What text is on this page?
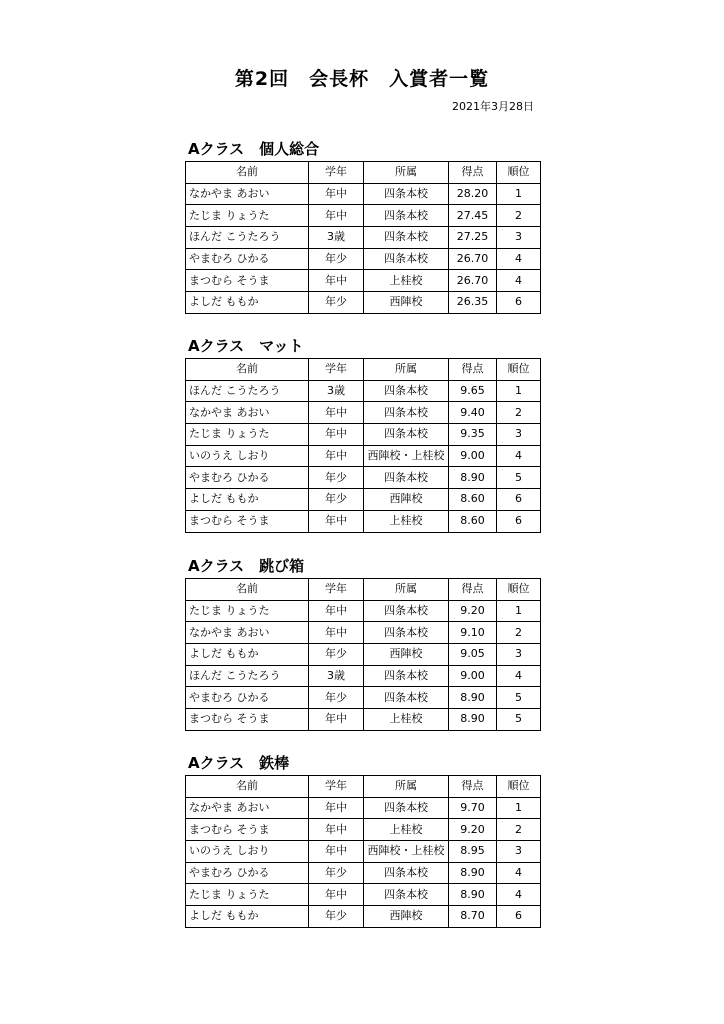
第2回　会長杯　入賞者一覧
2021年3月28日
Aクラス　個人総合
名前	学年	所属	得点	順位
なかやま あおい	年中	四条本校	28.20	1
たじま りょうた	年中	四条本校	27.45	2
ほんだ こうたろう	3歳	四条本校	27.25	3
やまむろ ひかる	年少	四条本校	26.70	4
まつむら そうま	年中	上桂校	26.70	4
よしだ ももか	年少	西陣校	26.35	6
Aクラス　マット
名前	学年	所属	得点	順位
ほんだ こうたろう	3歳	四条本校	9.65	1
なかやま あおい	年中	四条本校	9.40	2
たじま りょうた	年中	四条本校	9.35	3
いのうえ しおり	年中	西陣校・上桂校	9.00	4
やまむろ ひかる	年少	四条本校	8.90	5
よしだ ももか	年少	西陣校	8.60	6
まつむら そうま	年中	上桂校	8.60	6
Aクラス　跳び箱
名前	学年	所属	得点	順位
たじま りょうた	年中	四条本校	9.20	1
なかやま あおい	年中	四条本校	9.10	2
よしだ ももか	年少	西陣校	9.05	3
ほんだ こうたろう	3歳	四条本校	9.00	4
やまむろ ひかる	年少	四条本校	8.90	5
まつむら そうま	年中	上桂校	8.90	5
Aクラス　鉄棒
名前	学年	所属	得点	順位
なかやま あおい	年中	四条本校	9.70	1
まつむら そうま	年中	上桂校	9.20	2
いのうえ しおり	年中	西陣校・上桂校	8.95	3
やまむろ ひかる	年少	四条本校	8.90	4
たじま りょうた	年中	四条本校	8.90	4
よしだ ももか	年少	西陣校	8.70	6
